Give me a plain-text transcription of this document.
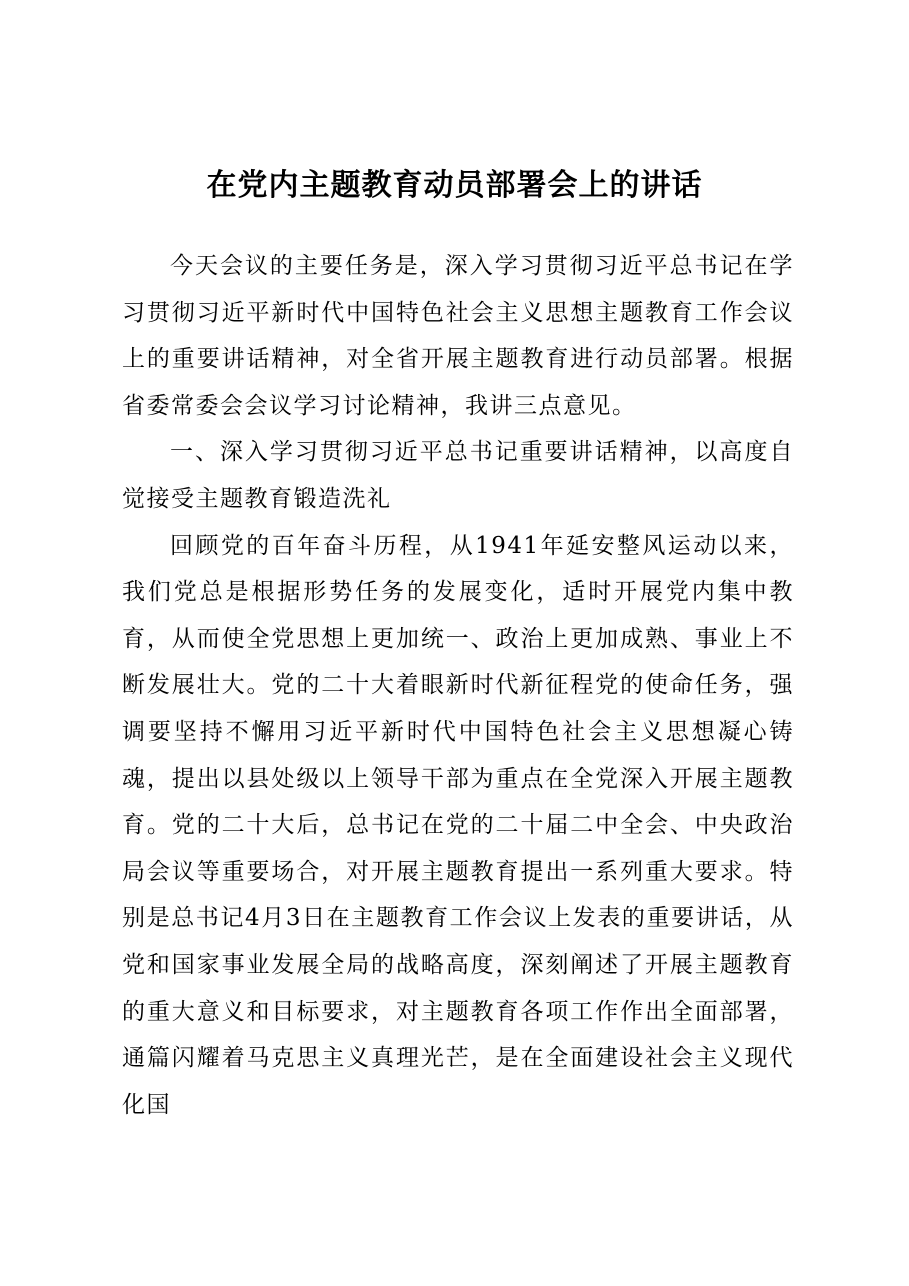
在党内主题教育动员部署会上的讲话

今天会议的主要任务是，深入学习贯彻习近平总书记在学习贯彻习近平新时代中国特色社会主义思想主题教育工作会议上的重要讲话精神，对全省开展主题教育进行动员部署。根据省委常委会会议学习讨论精神，我讲三点意见。

一、深入学习贯彻习近平总书记重要讲话精神，以高度自觉接受主题教育锻造洗礼

回顾党的百年奋斗历程，从1941年延安整风运动以来，我们党总是根据形势任务的发展变化，适时开展党内集中教育，从而使全党思想上更加统一、政治上更加成熟、事业上不断发展壮大。党的二十大着眼新时代新征程党的使命任务，强调要坚持不懈用习近平新时代中国特色社会主义思想凝心铸魂，提出以县处级以上领导干部为重点在全党深入开展主题教育。党的二十大后，总书记在党的二十届二中全会、中央政治局会议等重要场合，对开展主题教育提出一系列重大要求。特别是总书记4月3日在主题教育工作会议上发表的重要讲话，从党和国家事业发展全局的战略高度，深刻阐述了开展主题教育的重大意义和目标要求，对主题教育各项工作作出全面部署，通篇闪耀着马克思主义真理光芒，是在全面建设社会主义现代化国
